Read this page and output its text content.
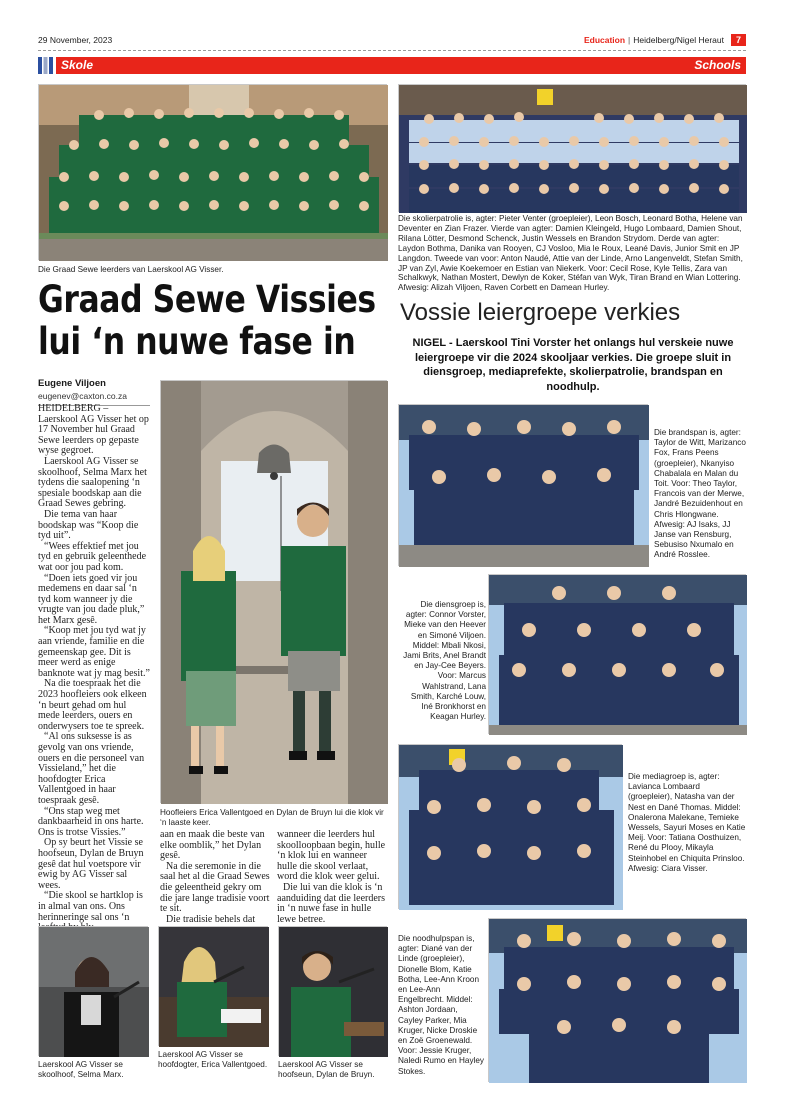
29 November, 2023	Education | Heidelberg/Nigel Heraut	7
Skole	Schools
Die Graad Sewe leerders van Laerskool AG Visser.
Graad Sewe Vissies
lui ‘n nuwe fase in
Eugene Viljoen
eugenev@caxton.co.za

HEIDELBERG – Laerskool AG Visser het op 17 November hul Graad Sewe leerders op gepaste wyse gegroet.

Laerskool AG Visser se skoolhoof, Selma Marx het tydens die saalopening ‘n spesiale boodskap aan die Graad Sewes gebring.

Die tema van haar boodskap was “Koop die tyd uit”.

“Wees effektief met jou tyd en gebruik geleenthede wat oor jou pad kom.

“Doen iets goed vir jou medemens en daar sal ‘n tyd kom wanneer jy die vrugte van jou dade pluk,” het Marx gesê.

“Koop met jou tyd wat jy aan vriende, familie en die gemeenskap gee. Dit is meer werd as enige banknote wat jy mag besit.”

Na die toespraak het die 2023 hoofleiers ook elkeen ‘n beurt gehad om hul mede leerders, ouers en onderwysers toe te spreek.

“Al ons suksesse is as gevolg van ons vriende, ouers en die personeel van Vissieland,” het die hoofdogter Erica Vallentgoed in haar toespraak gesê.

“Ons stap weg met dankbaarheid in ons harte. Ons is trotse Vissies.”

Op sy beurt het Vissie se hoofseun, Dylan de Bruyn gesê dat hul voetspore vir ewig by AG Visser sal wees.

“Die skool se hartklop is in almal van ons. Ons herinneringe sal ons ‘n

Hoofleiers Erica Vallentgoed en Dylan de Bruyn lui die klok vir ‘n laaste keer.

aan en maak die beste van elke oomblik,” het Dylan gesê.

Na die seremonie in die saal het al die Graad Sewes die geleentheid gekry om die jare lange tradisie voort te sit.

Die tradisie behels dat

wanneer die leerders hul skoolloopbaan begin, hulle ‘n klok lui en wanneer hulle die skool verlaat, word die klok weer gelui.

Die lui van die klok is ‘n aanduiding dat die leerders in ‘n nuwe fase in hulle lewe betree.

Laerskool AG Visser se skoolhoof, Selma Marx.
Laerskool AG Visser se hoofdogter, Erica Vallentgoed.	Laerskool AG Visser se hoofseun, Dylan de Bruyn.
Die skolierpatrolie is, agter: Pieter Venter (groepleier), Leon Bosch, Leonard Botha, Helene van Deventer en Zian Frazer. Vierde van agter: Damien Kleingeld, Hugo Lombaard, Damien Shout, Rilana Lötter, Desmond Schenck, Justin Wessels en Brandon Strydom. Derde van agter: Laydon Bothma, Danika van Rooyen, CJ Vosloo, Mia le Roux, Leané Davis, Junior Smit en JP Langdon. Tweede van voor: Anton Naudé, Attie van der Linde, Arno Langenveldt, Stefan Smith, JP van Zyl, Awie Koekemoer en Estian van Niekerk. Voor: Cecil Rose, Kyle Tellis, Zara van Schalkwyk, Nathan Mostert, Dewlyn de Koker, Stéfan van Wyk, Tiran Brand en Wian Lottering. Afwesig: Alizah Viljoen, Raven Corbett en Damean Hurley.
Vossie leiergroepe verkies
NIGEL - Laerskool Tini Vorster het onlangs hul verskeie nuwe leiergroepe vir die 2024 skooljaar verkies. Die groepe sluit in diensgroep, mediaprefekte, skolierpatrolie, brandspan en noodhulp.
Die brandspan is, agter: Taylor de Witt, Marizanco Fox, Frans Peens (groepleier), Nkanyiso Chabalala en Malan du Toit. Voor: Theo Taylor, Francois van der Merwe, Jandré Bezuidenhout en Chris Hlongwane. Afwesig: AJ Isaks, JJ Janse van Rensburg, Sebusiso Nxumalo en André Rosslee.
Die diensgroep is, agter: Connor Vorster, Mieke van den Heever en Simoné Viljoen. Middel: Mbali Nkosi, Jami Brits, Anel Brandt en Jay-Cee Beyers. Voor: Marcus Wahlstrand, Lana Smith, Karché Louw, Iné Bronkhorst en Keagan Hurley.
Die mediagroep is, agter: Lavianca Lombaard (groepleier), Natasha van der Nest en Dané Thomas. Middel: Onalerona Malekane, Temieke Wessels, Sayuri Moses en Katie Meij. Voor: Tatiana Oosthuizen, René du Plooy, Mikayla Steinhobel en Chiquita Prinsloo. Afwesig: Ciara Visser.
Die noodhulpspan is, agter: Diané van der Linde (groepleier), Dionelle Blom, Katie Botha, Lee-Ann Kroon en Lee-Ann Engelbrecht. Middel: Ashton Jordaan, Cayley Parker, Mia Kruger, Nicke Droskie en Zoë Groenewald. Voor: Jessie Kruger, Naledi Rumo en Hayley Stokes.
